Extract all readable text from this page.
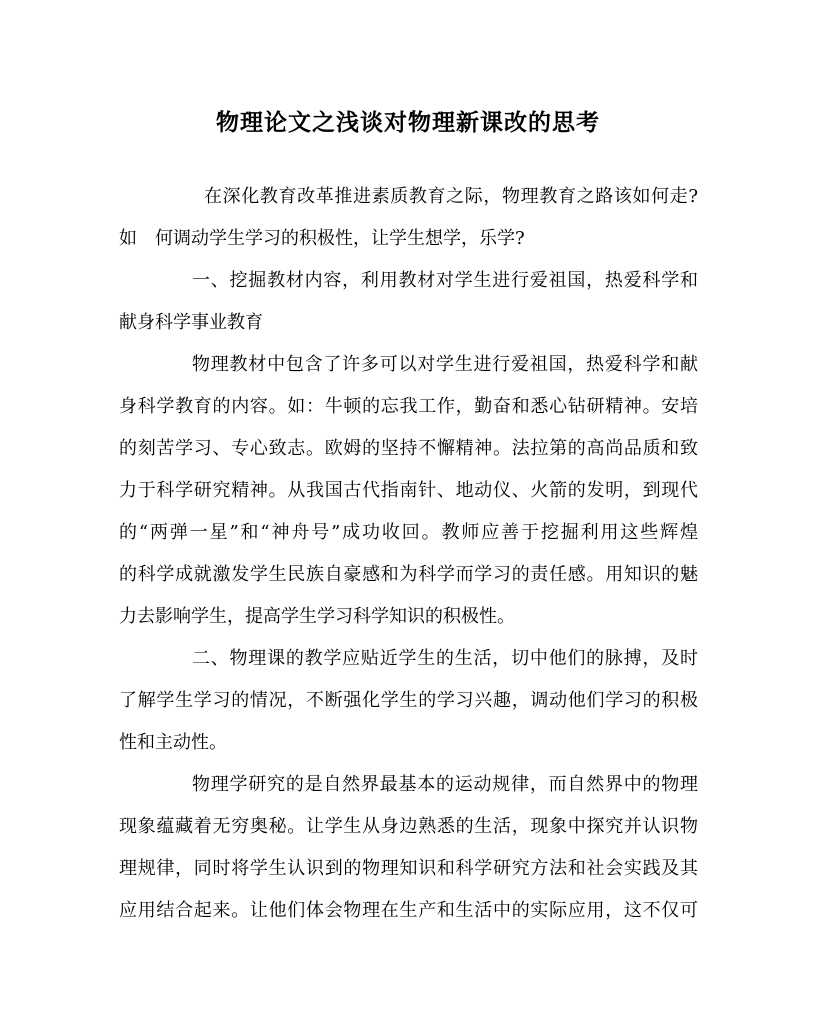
物理论文之浅谈对物理新课改的思考
在深化教育改革推进素质教育之际，物理教育之路该如何走?
如　何调动学生学习的积极性，让学生想学，乐学?
一、挖掘教材内容，利用教材对学生进行爱祖国，热爱科学和
献身科学事业教育
物理教材中包含了许多可以对学生进行爱祖国，热爱科学和献
身科学教育的内容。如：牛顿的忘我工作，勤奋和悉心钻研精神。安培
的刻苦学习、专心致志。欧姆的坚持不懈精神。法拉第的高尚品质和致
力于科学研究精神。从我国古代指南针、地动仪、火箭的发明，到现代
的“两弹一星”和“神舟号”成功收回。教师应善于挖掘利用这些辉煌
的科学成就激发学生民族自豪感和为科学而学习的责任感。用知识的魅
力去影响学生，提高学生学习科学知识的积极性。
二、物理课的教学应贴近学生的生活，切中他们的脉搏，及时
了解学生学习的情况，不断强化学生的学习兴趣，调动他们学习的积极
性和主动性。
物理学研究的是自然界最基本的运动规律，而自然界中的物理
现象蕴藏着无穷奥秘。让学生从身边熟悉的生活，现象中探究并认识物
理规律，同时将学生认识到的物理知识和科学研究方法和社会实践及其
应用结合起来。让他们体会物理在生产和生活中的实际应用，这不仅可
